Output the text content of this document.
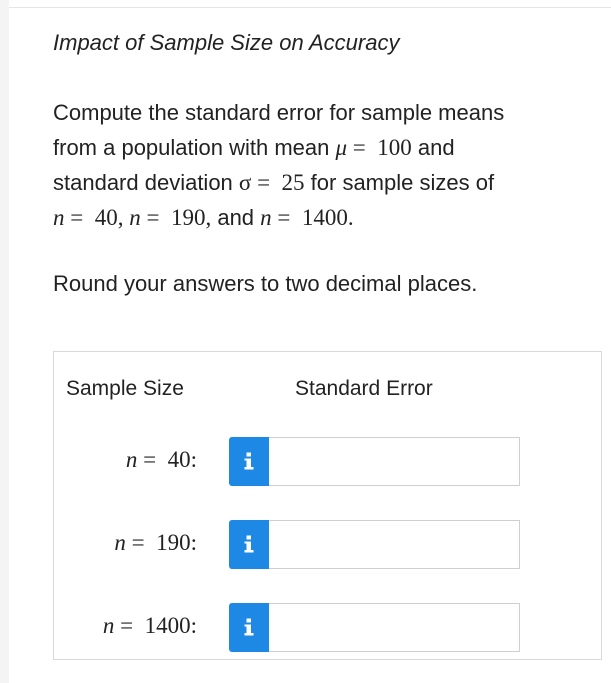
Impact of Sample Size on Accuracy
Compute the standard error for sample means
from a population with mean μ = 100 and
standard deviation σ = 25 for sample sizes of
n = 40, n = 190, and n = 1400.
Round your answers to two decimal places.
Sample Size	Standard Error
n = 40:
n = 190:
n = 1400:
